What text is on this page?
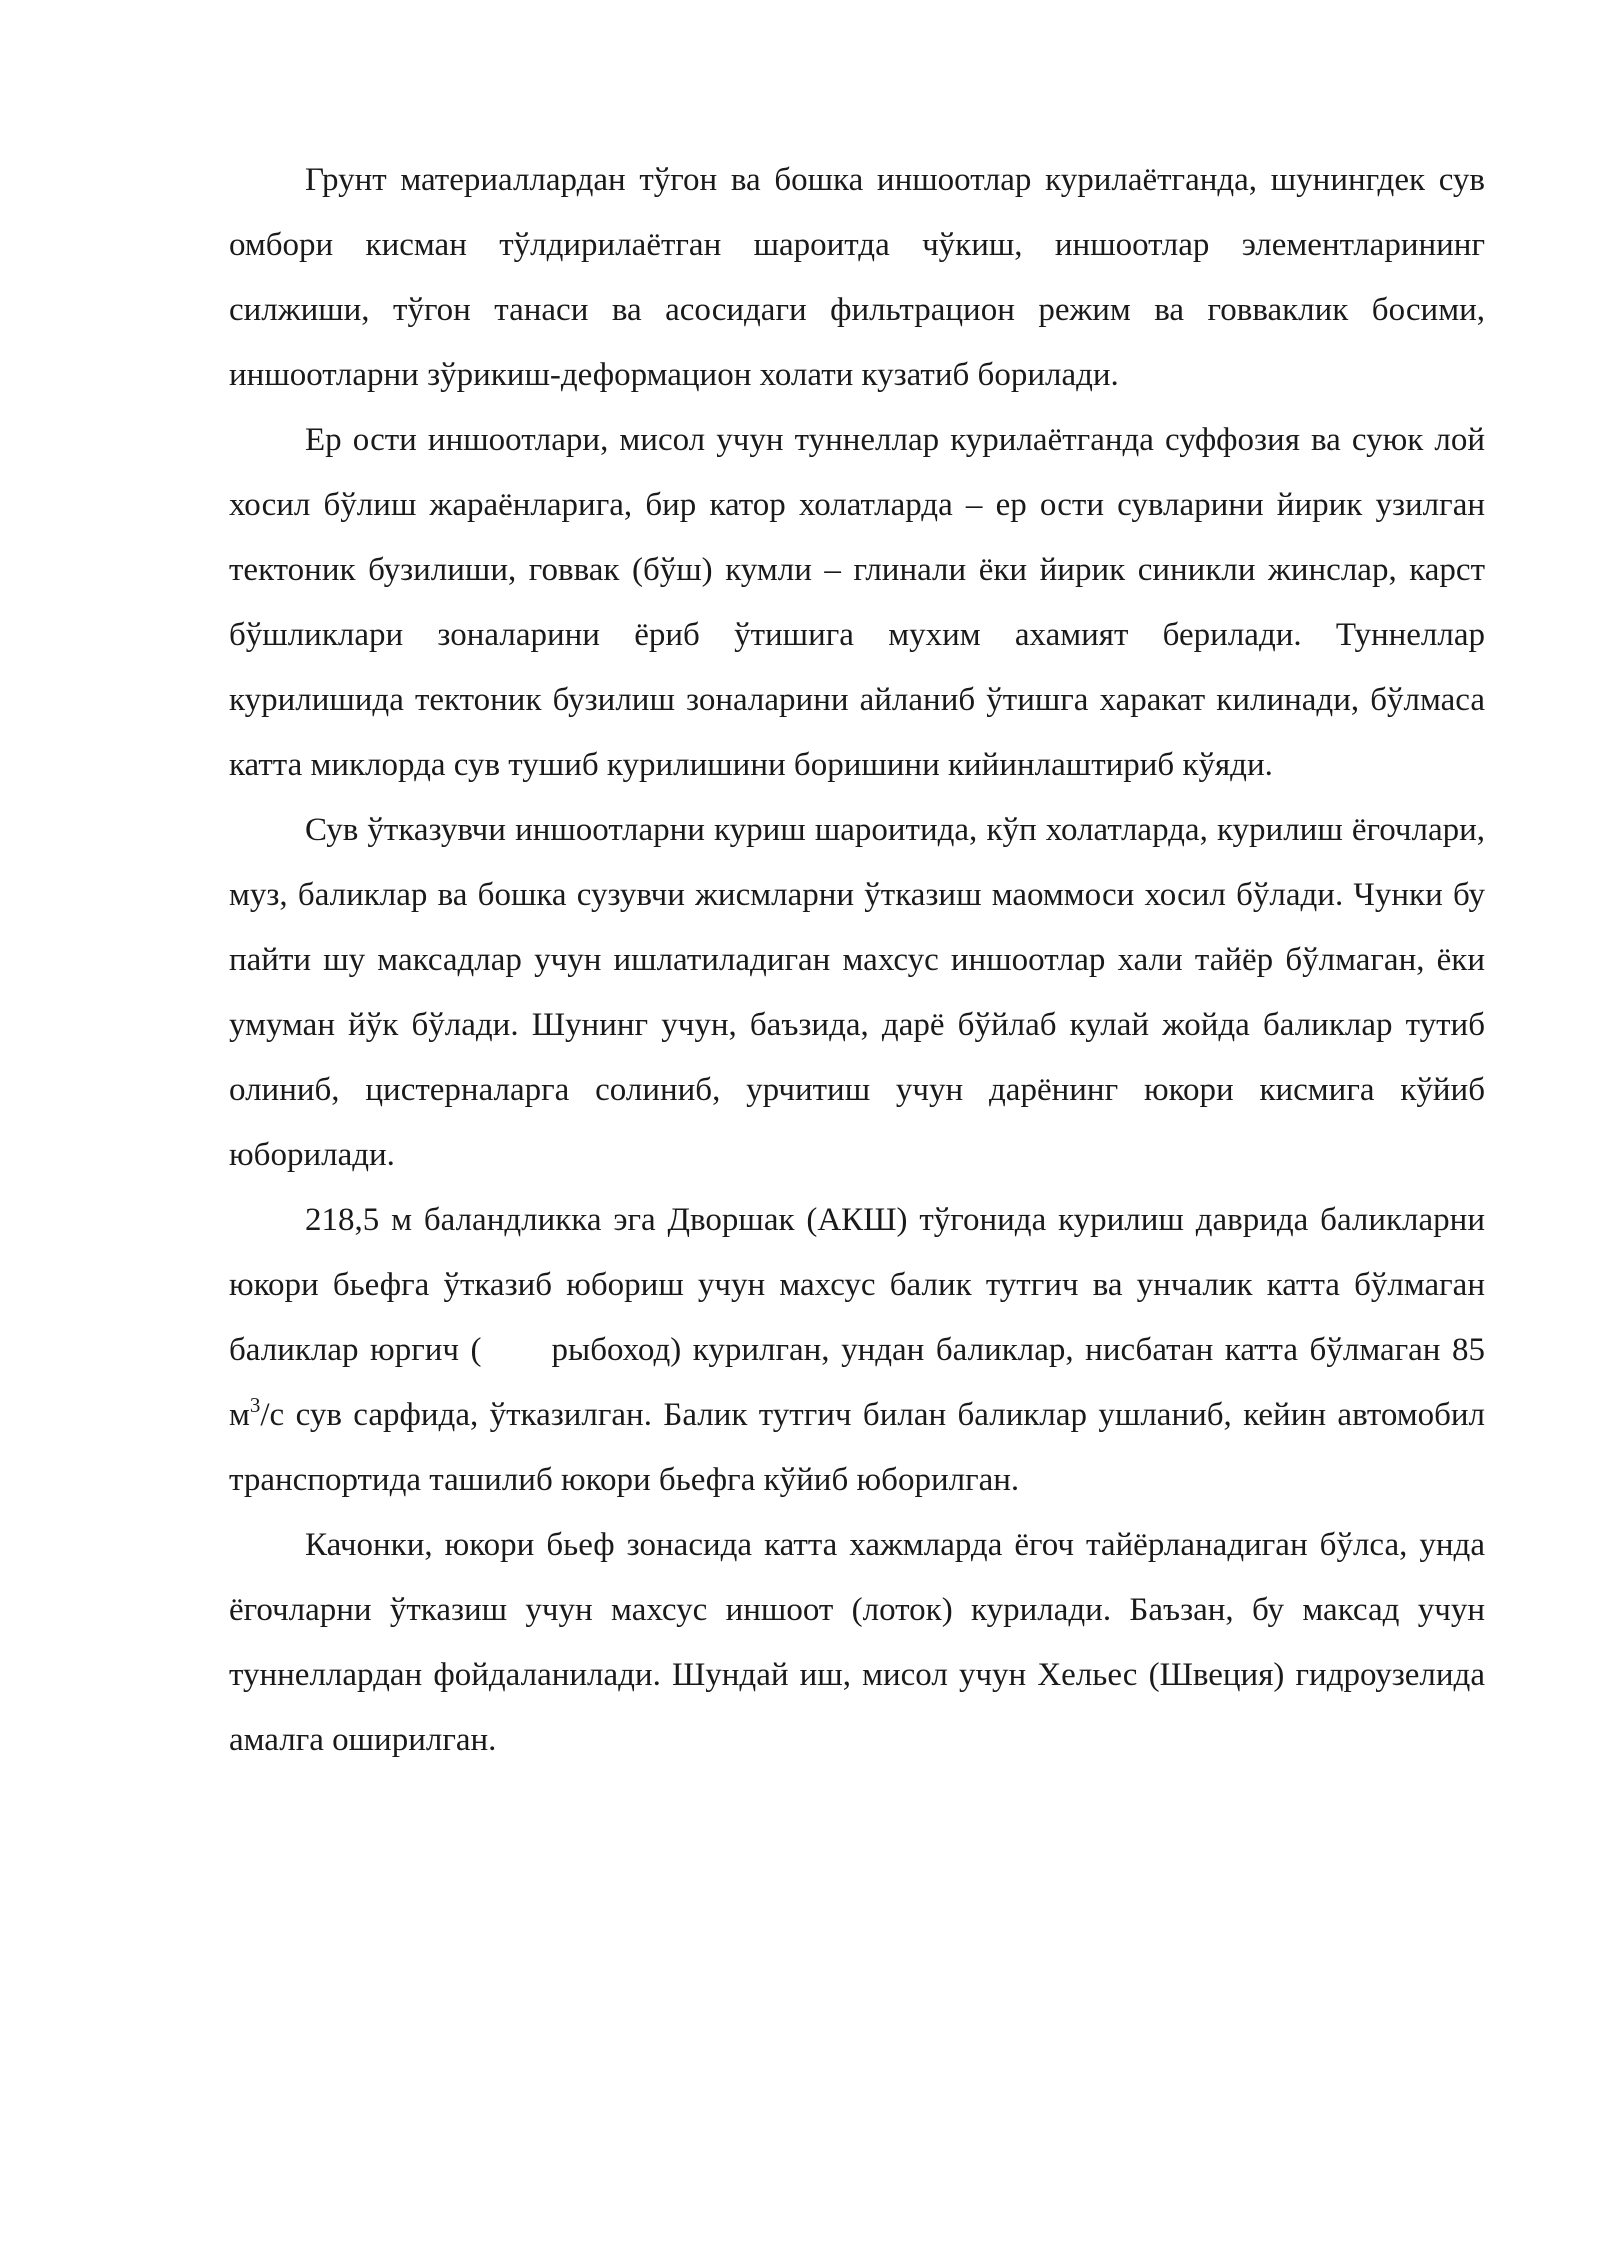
Грунт материаллардан тўгон ва бошка иншоотлар курилаётганда, шунингдек сув омбори кисман тўлдирилаётган шароитда чўкиш, иншоотлар элементларининг силжиши, тўгон танаси ва асосидаги фильтрацион режим ва говваклик босими, иншоотларни зўрикиш-деформацион холати кузатиб борилади.

Ер ости иншоотлари, мисол учун туннеллар курилаётганда суффозия ва суюк лой хосил бўлиш жараёнларига, бир катор холатларда – ер ости сувларини йирик узилган тектоник бузилиши, говвак (бўш) кумли – глинали ёки йирик синикли жинслар, карст бўшликлари зоналарини ёриб ўтишига мухим ахамият берилади. Туннеллар курилишида тектоник бузилиш зоналарини айланиб ўтишга харакат килинади, бўлмаса катта миклорда сув тушиб курилишини боришини кийинлаштириб кўяди.

Сув ўтказувчи иншоотларни куриш шароитида, кўп холатларда, курилиш ёгочлари, муз, баликлар ва бошка сузувчи жисмларни ўтказиш маоммоси хосил бўлади. Чунки бу пайти шу максадлар учун ишлатиладиган махсус иншоотлар хали тайёр бўлмаган, ёки умуман йўк бўлади. Шунинг учун, баъзида, дарё бўйлаб кулай жойда баликлар тутиб олиниб, цистерналарга солиниб, урчитиш учун дарёнинг юкори кисмига кўйиб юборилади.

218,5 м баландликка эга Дворшак (АКШ) тўгонида курилиш даврида баликларни юкори бьефга ўтказиб юбориш учун махсус балик тутгич ва унчалик катта бўлмаган баликлар юргич ( рыбоход) курилган, ундан баликлар, нисбатан катта бўлмаган 85 $м^3/с$ сув сарфида, ўтказилган. Балик тутгич билан баликлар ушланиб, кейин автомобил транспортида ташилиб юкори бьефга кўйиб юборилган.

Качонки, юкори бьеф зонасида катта хажмларда ёгоч тайёрланадиган бўлса, унда ёгочларни ўтказиш учун махсус иншоот (лоток) курилади. Баъзан, бу максад учун туннеллардан фойдаланилади. Шундай иш, мисол учун Хельес (Швеция) гидроузелида амалга оширилган.
